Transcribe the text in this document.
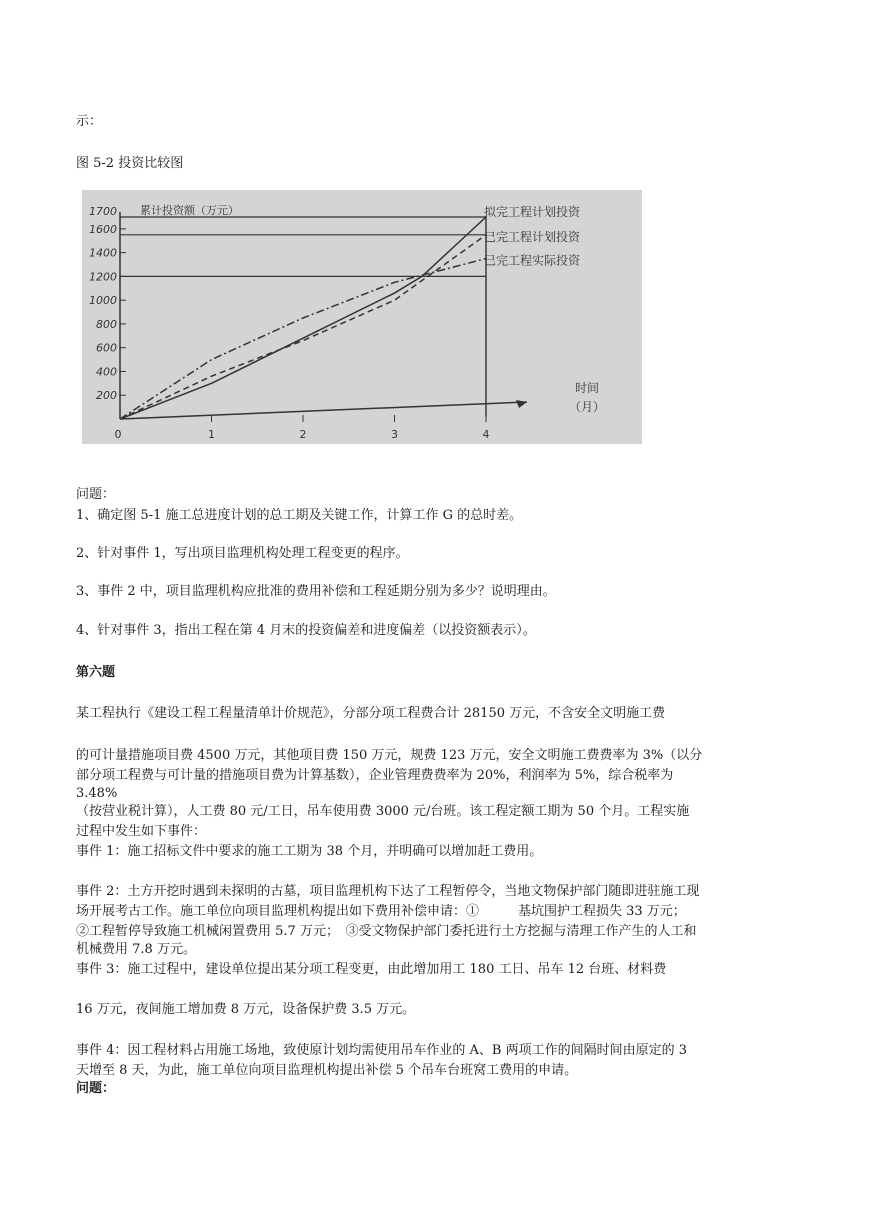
示：
图 5-2 投资比较图
200
400
600
800
1000
1200
1400
1600
1700
0	1	2	3	4
累计投资额（万元）
时间
（月）
拟完工程计划投资
已完工程计划投资
已完工程实际投资
问题：
1、确定图 5-1 施工总进度计划的总工期及关键工作，计算工作 G 的总时差。
2、针对事件 1，写出项目监理机构处理工程变更的程序。
3、事件 2 中，项目监理机构应批准的费用补偿和工程延期分别为多少？说明理由。
4、针对事件 3，指出工程在第 4 月末的投资偏差和进度偏差（以投资额表示）。
第六题
某工程执行《建设工程工程量清单计价规范》，分部分项工程费合计 28150 万元，不含安全文明施工费
的可计量措施项目费 4500 万元，其他项目费 150 万元，规费 123 万元，安全文明施工费费率为 3%（以分
部分项工程费与可计量的措施项目费为计算基数），企业管理费费率为 20%，利润率为 5%，综合税率为
3.48%
（按营业税计算），人工费 80 元/工日，吊车使用费 3000 元/台班。该工程定额工期为 50 个月。工程实施
过程中发生如下事件：
事件 1：施工招标文件中要求的施工工期为 38 个月，并明确可以增加赶工费用。
事件 2：土方开挖时遇到未探明的古墓，项目监理机构下达了工程暂停令，当地文物保护部门随即进驻施工现
场开展考古工作。施工单位向项目监理机构提出如下费用补偿申请：①　　　基坑围护工程损失 33 万元；
②工程暂停导致施工机械闲置费用 5.7 万元；　③受文物保护部门委托进行土方挖掘与清理工作产生的人工和
机械费用 7.8 万元。
事件 3：施工过程中，建设单位提出某分项工程变更，由此增加用工 180 工日、吊车 12 台班、材料费
16 万元，夜间施工增加费 8 万元，设备保护费 3.5 万元。
事件 4：因工程材料占用施工场地，致使原计划均需使用吊车作业的 A、B 两项工作的间隔时间由原定的 3
天增至 8 天，为此，施工单位向项目监理机构提出补偿 5 个吊车台班窝工费用的申请。
问题：
